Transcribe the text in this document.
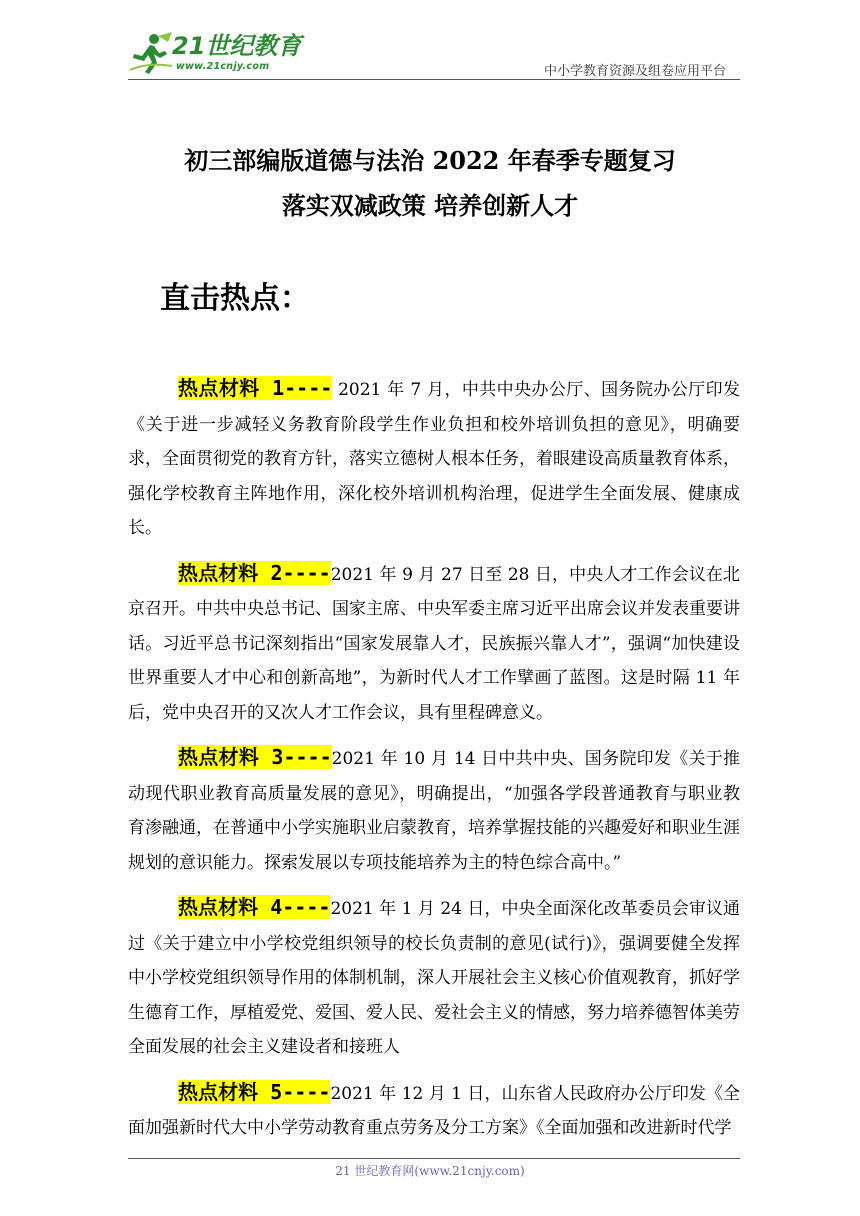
21世纪教育
www.21cnjy.com	中小学教育资源及组卷应用平台
初三部编版道德与法治 2022 年春季专题复习
落实双减政策 培养创新人才
直击热点：

热点材料 1---- 2021 年 7 月，中共中央办公厅、国务院办公厅印发《关于进一步减轻义务教育阶段学生作业负担和校外培训负担的意见》，明确要求，全面贯彻党的教育方针，落实立德树人根本任务，着眼建设高质量教育体系，强化学校教育主阵地作用，深化校外培训机构治理，促进学生全面发展、健康成长。

热点材料 2----2021 年 9 月 27 日至 28 日，中央人才工作会议在北京召开。中共中央总书记、国家主席、中央军委主席习近平出席会议并发表重要讲话。习近平总书记深刻指出“国家发展靠人才，民族振兴靠人才”，强调“加快建设世界重要人才中心和创新高地”，为新时代人才工作擘画了蓝图。这是时隔 11 年后，党中央召开的又次人才工作会议，具有里程碑意义。

热点材料 3----2021 年 10 月 14 日中共中央、国务院印发《关于推动现代职业教育高质量发展的意见》，明确提出，“加强各学段普通教育与职业教育渗融通，在普通中小学实施职业启蒙教育，培养掌握技能的兴趣爱好和职业生涯规划的意识能力。探索发展以专项技能培养为主的特色综合高中。”

热点材料 4----2021 年 1 月 24 日，中央全面深化改革委员会审议通过《关于建立中小学校党组织领导的校长负责制的意见(试行)》，强调要健全发挥中小学校党组织领导作用的体制机制，深人开展社会主义核心价值观教育，抓好学生德育工作，厚植爱党、爱国、爱人民、爱社会主义的情感，努力培养德智体美劳全面发展的社会主义建设者和接班人

热点材料 5----2021 年 12 月 1 日，山东省人民政府办公厅印发《全面加强新时代大中小学劳动教育重点劳务及分工方案》《全面加强和改进新时代学

21 世纪教育网(www.21cnjy.com)
